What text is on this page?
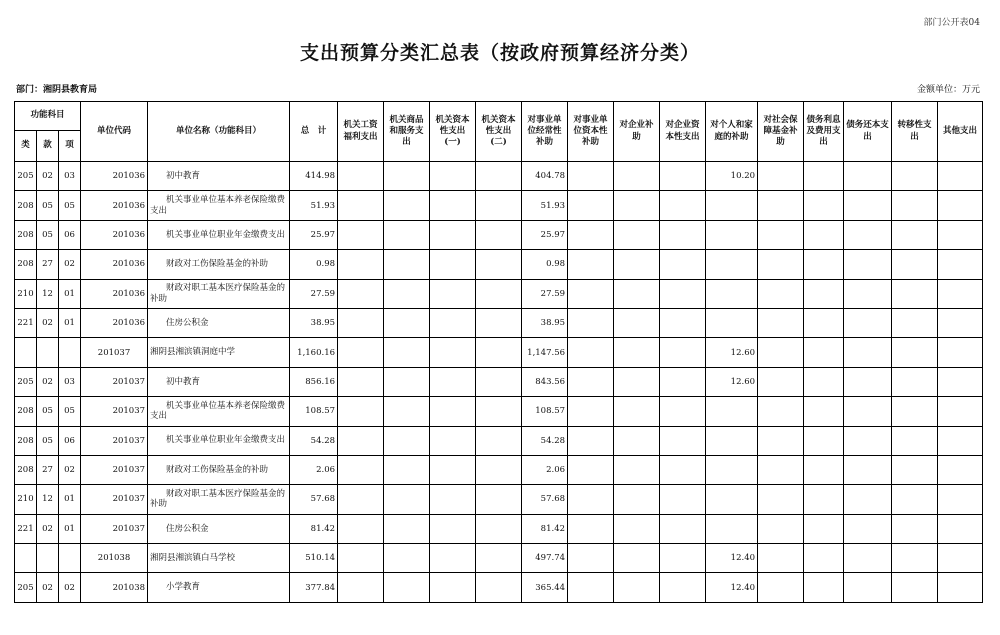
部门公开表04
支出预算分类汇总表（按政府预算经济分类）
部门：湘阴县教育局	金额单位：万元
功能科目			单位代码	单位名称（功能科目）	总　计	机关工资福利支出	机关商品和服务支出	机关资本性支出(一)	机关资本性支出(二)	对事业单位经常性补助	对事业单位资本性补助	对企业补助	对企业资本性支出	对个人和家庭的补助	对社会保障基金补助	债务利息及费用支出	债务还本支出	转移性支出	其他支出
类	款	项																	
205	02	03	201036	初中教育	414.98					404.78				10.20					
208	05	05	201036	机关事业单位基本养老保险缴费支出	51.93					51.93									
208	05	06	201036	机关事业单位职业年金缴费支出	25.97					25.97									
208	27	02	201036	财政对工伤保险基金的补助	0.98					0.98									
210	12	01	201036	财政对职工基本医疗保险基金的补助	27.59					27.59									
221	02	01	201036	住房公积金	38.95					38.95									
			201037	湘阴县湘滨镇洞庭中学	1,160.16					1,147.56				12.60					
205	02	03	201037	初中教育	856.16					843.56				12.60					
208	05	05	201037	机关事业单位基本养老保险缴费支出	108.57					108.57									
208	05	06	201037	机关事业单位职业年金缴费支出	54.28					54.28									
208	27	02	201037	财政对工伤保险基金的补助	2.06					2.06									
210	12	01	201037	财政对职工基本医疗保险基金的补助	57.68					57.68									
221	02	01	201037	住房公积金	81.42					81.42									
			201038	湘阴县湘滨镇白马学校	510.14					497.74				12.40					
205	02	02	201038	小学教育	377.84					365.44				12.40					
